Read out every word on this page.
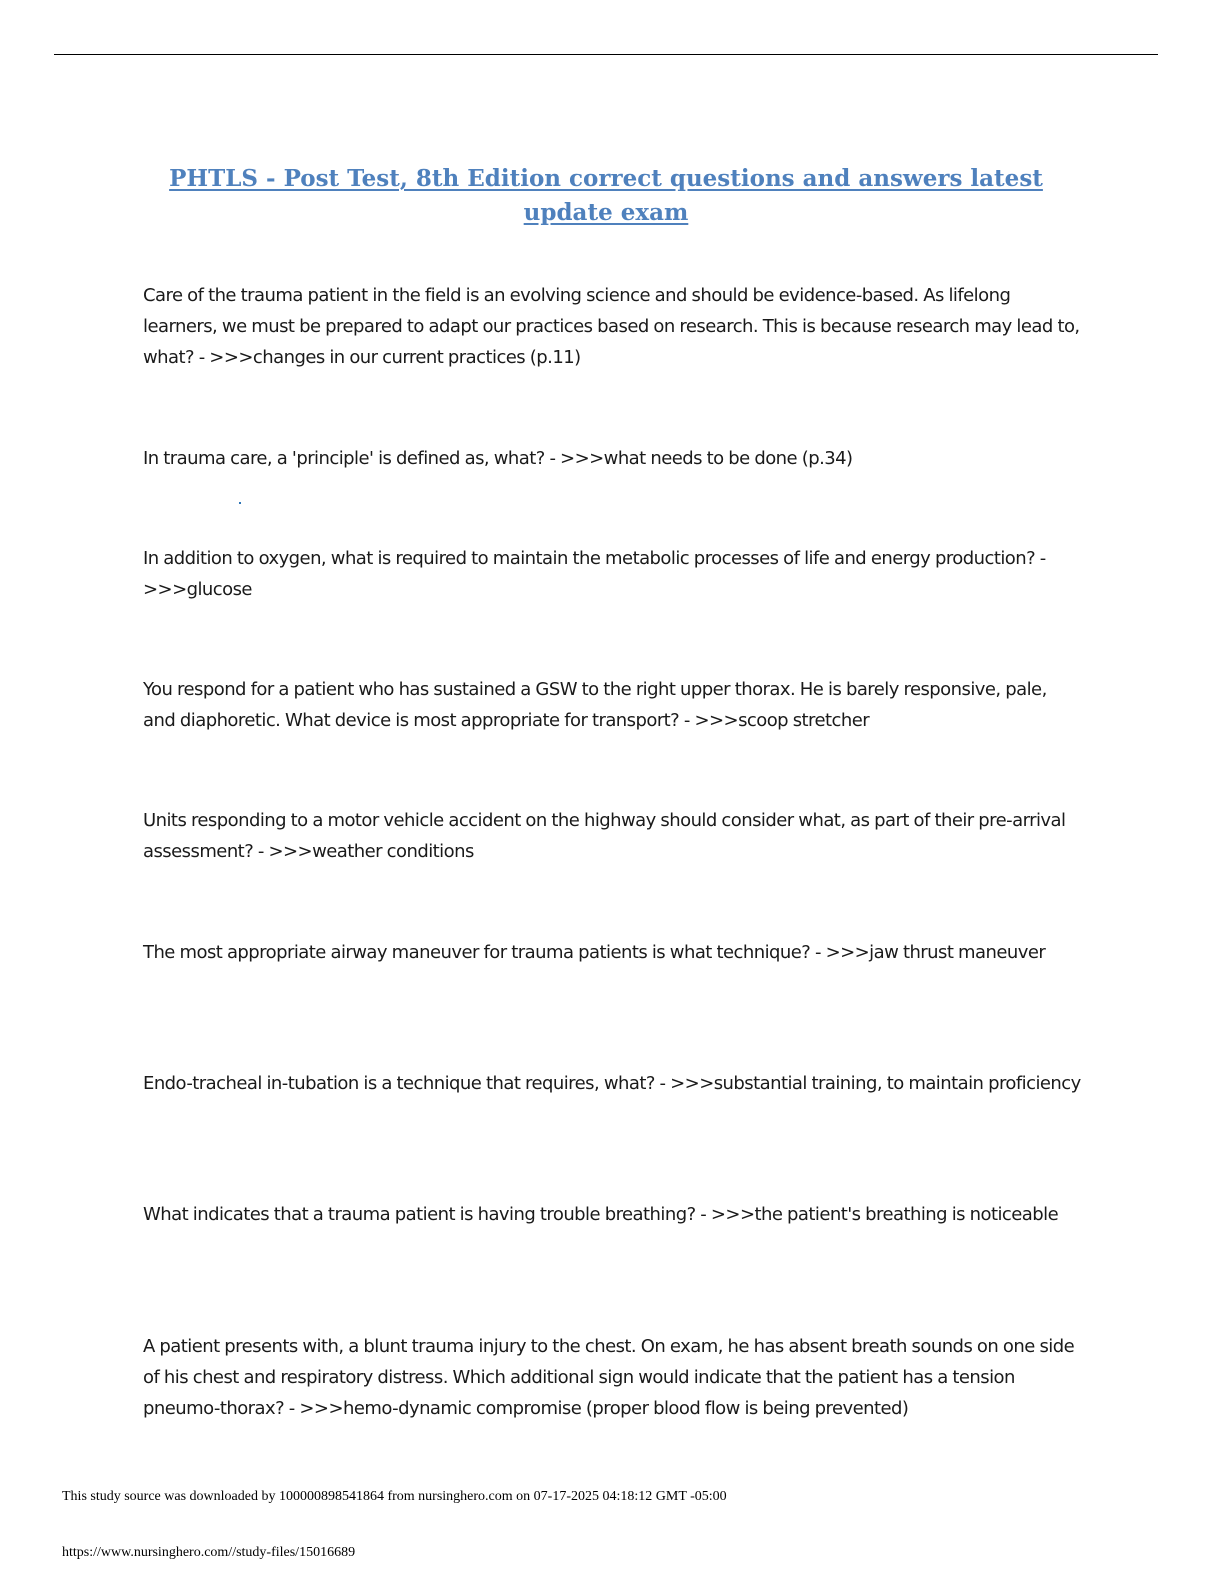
PHTLS - Post Test, 8th Edition correct questions and answers latest update exam
Care of the trauma patient in the field is an evolving science and should be evidence-based. As lifelong learners, we must be prepared to adapt our practices based on research. This is because research may lead to, what? - >>>changes in our current practices (p.11)
In trauma care, a 'principle' is defined as, what? - >>>what needs to be done (p.34)
In addition to oxygen, what is required to maintain the metabolic processes of life and energy production? - >>>glucose
You respond for a patient who has sustained a GSW to the right upper thorax. He is barely responsive, pale, and diaphoretic. What device is most appropriate for transport? - >>>scoop stretcher
Units responding to a motor vehicle accident on the highway should consider what, as part of their pre-arrival assessment? - >>>weather conditions
The most appropriate airway maneuver for trauma patients is what technique? - >>>jaw thrust maneuver
Endo-tracheal in-tubation is a technique that requires, what? - >>>substantial training, to maintain proficiency
What indicates that a trauma patient is having trouble breathing? - >>>the patient's breathing is noticeable
A patient presents with, a blunt trauma injury to the chest. On exam, he has absent breath sounds on one side of his chest and respiratory distress. Which additional sign would indicate that the patient has a tension pneumo-thorax? - >>>hemo-dynamic compromise (proper blood flow is being prevented)
This study source was downloaded by 100000898541864 from nursinghero.com on 07-17-2025 04:18:12 GMT -05:00
https://www.nursinghero.com//study-files/15016689
